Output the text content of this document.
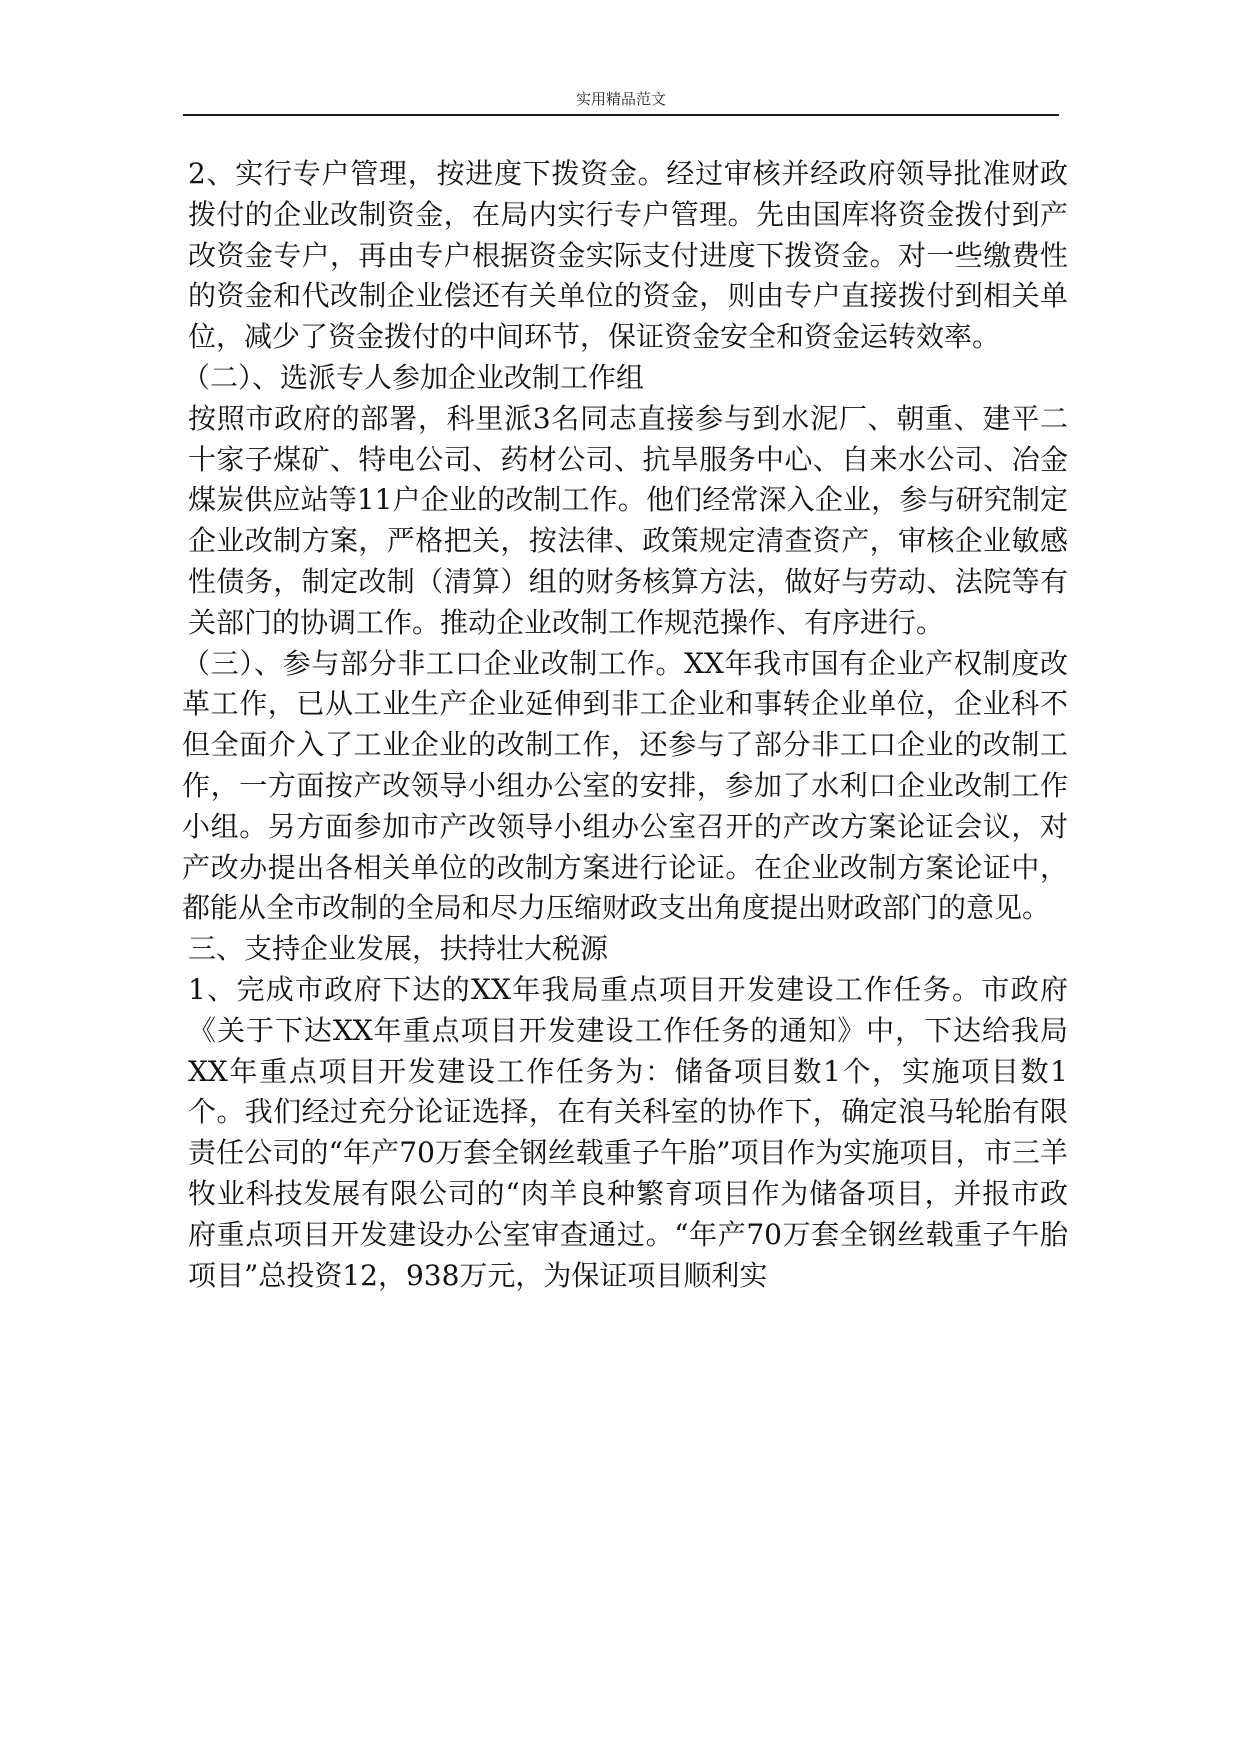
实用精品范文

2、实行专户管理，按进度下拨资金。经过审核并经政府领导批准财政拨付的企业改制资金，在局内实行专户管理。先由国库将资金拨付到产改资金专户，再由专户根据资金实际支付进度下拨资金。对一些缴费性的资金和代改制企业偿还有关单位的资金，则由专户直接拨付到相关单位，减少了资金拨付的中间环节，保证资金安全和资金运转效率。

（二）、选派专人参加企业改制工作组

按照市政府的部署，科里派3名同志直接参与到水泥厂、朝重、建平二十家子煤矿、特电公司、药材公司、抗旱服务中心、自来水公司、冶金煤炭供应站等11户企业的改制工作。他们经常深入企业，参与研究制定企业改制方案，严格把关，按法律、政策规定清查资产，审核企业敏感性债务，制定改制（清算）组的财务核算方法，做好与劳动、法院等有关部门的协调工作。推动企业改制工作规范操作、有序进行。

（三）、参与部分非工口企业改制工作。XX年我市国有企业产权制度改革工作，已从工业生产企业延伸到非工企业和事转企业单位，企业科不但全面介入了工业企业的改制工作，还参与了部分非工口企业的改制工作，一方面按产改领导小组办公室的安排，参加了水利口企业改制工作小组。另方面参加市产改领导小组办公室召开的产改方案论证会议，对产改办提出各相关单位的改制方案进行论证。在企业改制方案论证中，都能从全市改制的全局和尽力压缩财政支出角度提出财政部门的意见。

三、支持企业发展，扶持壮大税源

1、完成市政府下达的XX年我局重点项目开发建设工作任务。市政府《关于下达XX年重点项目开发建设工作任务的通知》中，下达给我局XX年重点项目开发建设工作任务为：储备项目数1个，实施项目数1个。我们经过充分论证选择，在有关科室的协作下，确定浪马轮胎有限责任公司的“年产70万套全钢丝载重子午胎”项目作为实施项目，市三羊牧业科技发展有限公司的“肉羊良种繁育项目作为储备项目，并报市政府重点项目开发建设办公室审查通过。“年产70万套全钢丝载重子午胎项目”总投资12，938万元，为保证项目顺利实
